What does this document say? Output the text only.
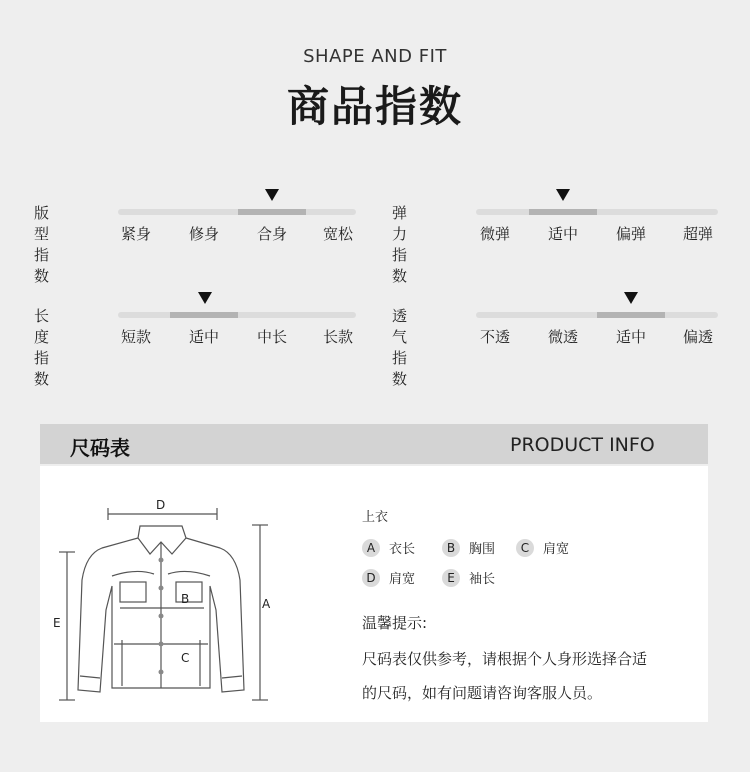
SHAPE AND FIT
商品指数
版型指数
紧身	修身	合身	宽松
弹力指数
微弹	适中	偏弹	超弹
长度指数
短款	适中	中长	长款
透气指数
不透	微透	适中	偏透
尺码表	PRODUCT INFO
D
A
B
C
E
上衣
A	衣长	B	胸围	C	肩宽
D	肩宽	E	袖长
温馨提示:
尺码表仅供参考，请根据个人身形选择合适
的尺码，如有问题请咨询客服人员。
